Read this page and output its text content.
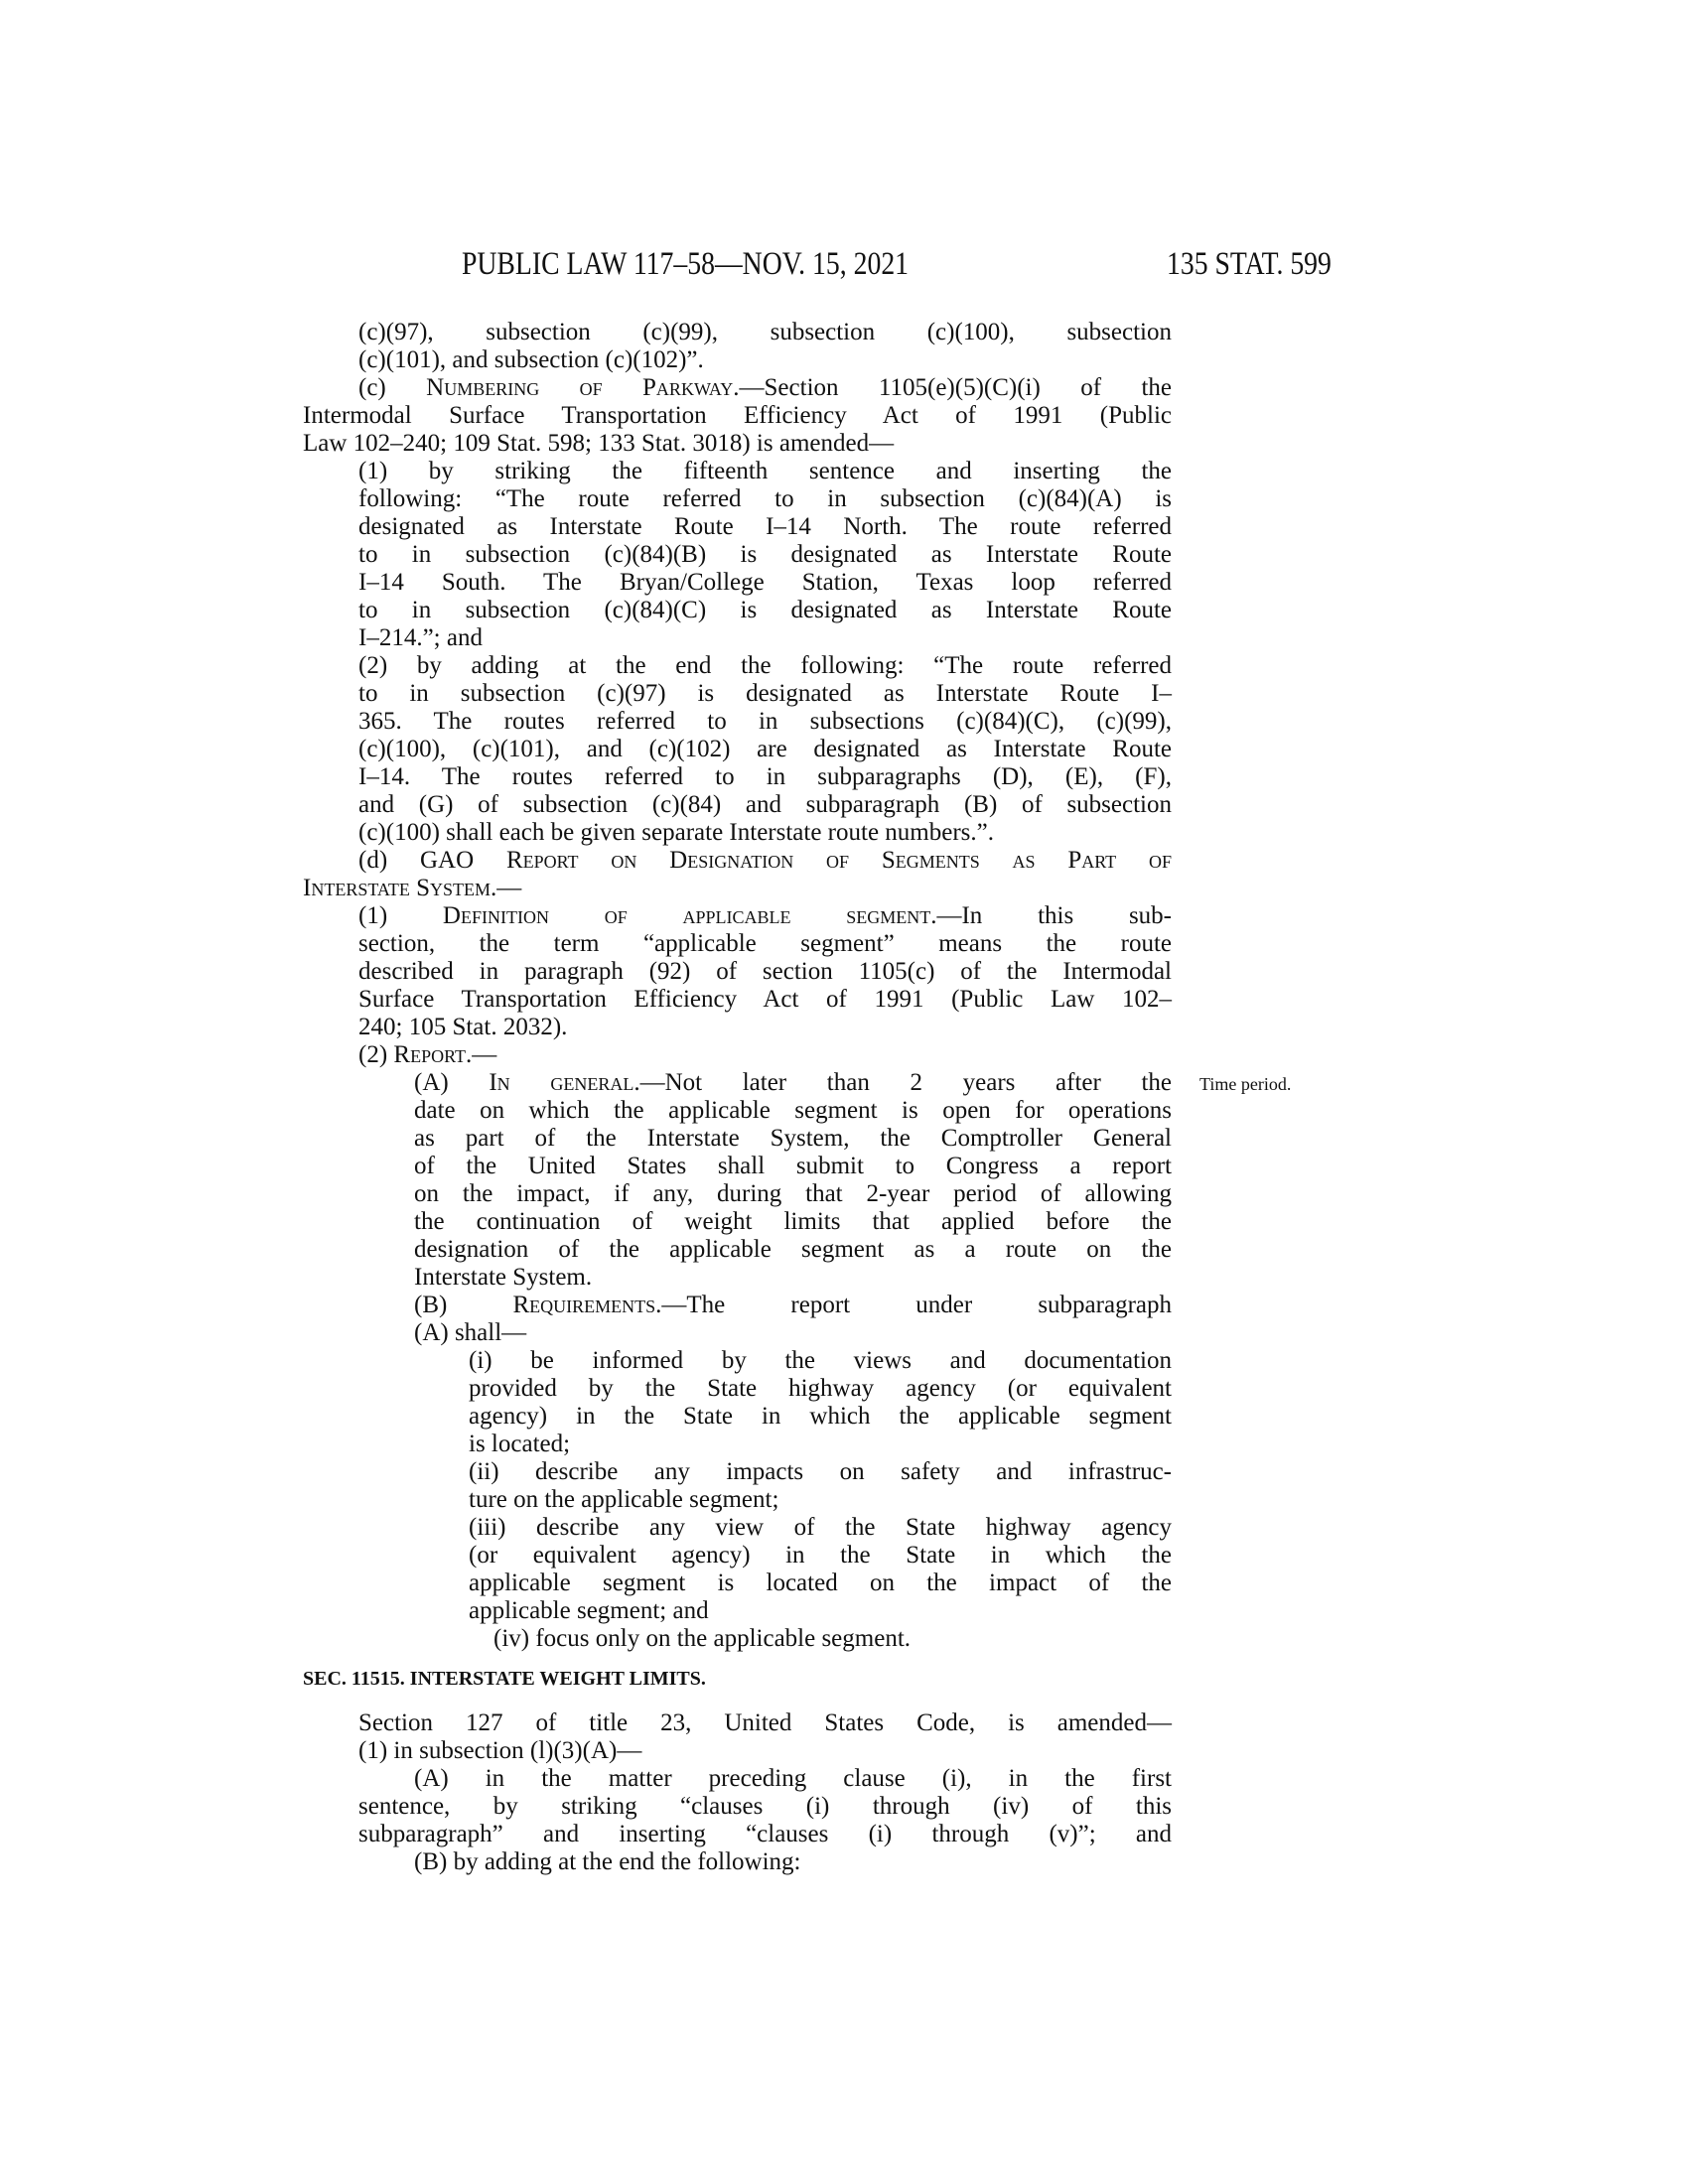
PUBLIC LAW 117–58—NOV. 15, 2021	135 STAT. 599
(c)(97), subsection (c)(99), subsection (c)(100), subsection
(c)(101), and subsection (c)(102)”.
(c) Numbering of Parkway.—Section 1105(e)(5)(C)(i) of the
Intermodal Surface Transportation Efficiency Act of 1991 (Public
Law 102–240; 109 Stat. 598; 133 Stat. 3018) is amended—
(1) by striking the fifteenth sentence and inserting the
following: “The route referred to in subsection (c)(84)(A) is
designated as Interstate Route I–14 North. The route referred
to in subsection (c)(84)(B) is designated as Interstate Route
I–14 South. The Bryan/College Station, Texas loop referred
to in subsection (c)(84)(C) is designated as Interstate Route
I–214.”; and
(2) by adding at the end the following: “The route referred
to in subsection (c)(97) is designated as Interstate Route I–
365. The routes referred to in subsections (c)(84)(C), (c)(99),
(c)(100), (c)(101), and (c)(102) are designated as Interstate Route
I–14. The routes referred to in subparagraphs (D), (E), (F),
and (G) of subsection (c)(84) and subparagraph (B) of subsection
(c)(100) shall each be given separate Interstate route numbers.”.
(d) GAO Report on Designation of Segments as Part of
Interstate System.—
(1) Definition of applicable segment.—In this sub-
section, the term “applicable segment” means the route
described in paragraph (92) of section 1105(c) of the Intermodal
Surface Transportation Efficiency Act of 1991 (Public Law 102–
240; 105 Stat. 2032).
(2) Report.—
(A) In general.—Not later than 2 years after the
date on which the applicable segment is open for operations
as part of the Interstate System, the Comptroller General
of the United States shall submit to Congress a report
on the impact, if any, during that 2-year period of allowing
the continuation of weight limits that applied before the
designation of the applicable segment as a route on the
Interstate System.
(B) Requirements.—The report under subparagraph
(A) shall—
(i) be informed by the views and documentation
provided by the State highway agency (or equivalent
agency) in the State in which the applicable segment
is located;
(ii) describe any impacts on safety and infrastruc-
ture on the applicable segment;
(iii) describe any view of the State highway agency
(or equivalent agency) in the State in which the
applicable segment is located on the impact of the
applicable segment; and
(iv) focus only on the applicable segment.
Section 127 of title 23, United States Code, is amended—
(1) in subsection (l)(3)(A)—
(A) in the matter preceding clause (i), in the first
sentence, by striking “clauses (i) through (iv) of this
subparagraph” and inserting “clauses (i) through (v)”; and
(B) by adding at the end the following:
Time period.
SEC. 11515. INTERSTATE WEIGHT LIMITS.
